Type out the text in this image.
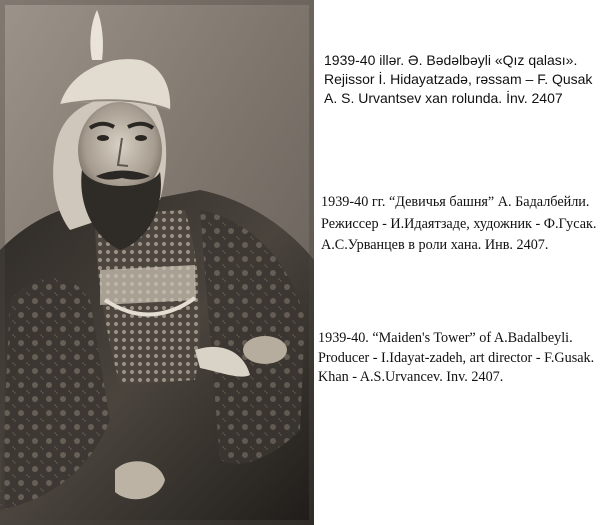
1939-40 illər. Ə. Bədəlbəyli «Qız qalası».
Rejissor İ. Hidayatzadə, rəssam – F. Qusak
A. S. Urvantsev xan rolunda. İnv. 2407
1939-40 гг. “Девичья башня” А. Бадалбейли.
Режиссер - И.Идаятзаде, художник - Ф.Гусак.
А.С.Урванцев в роли хана. Инв. 2407.
1939-40. “Maiden's Tower” of A.Badalbeyli.
Producer - I.Idayat-zadeh, art director - F.Gusak.
Khan - A.S.Urvancev. Inv. 2407.
